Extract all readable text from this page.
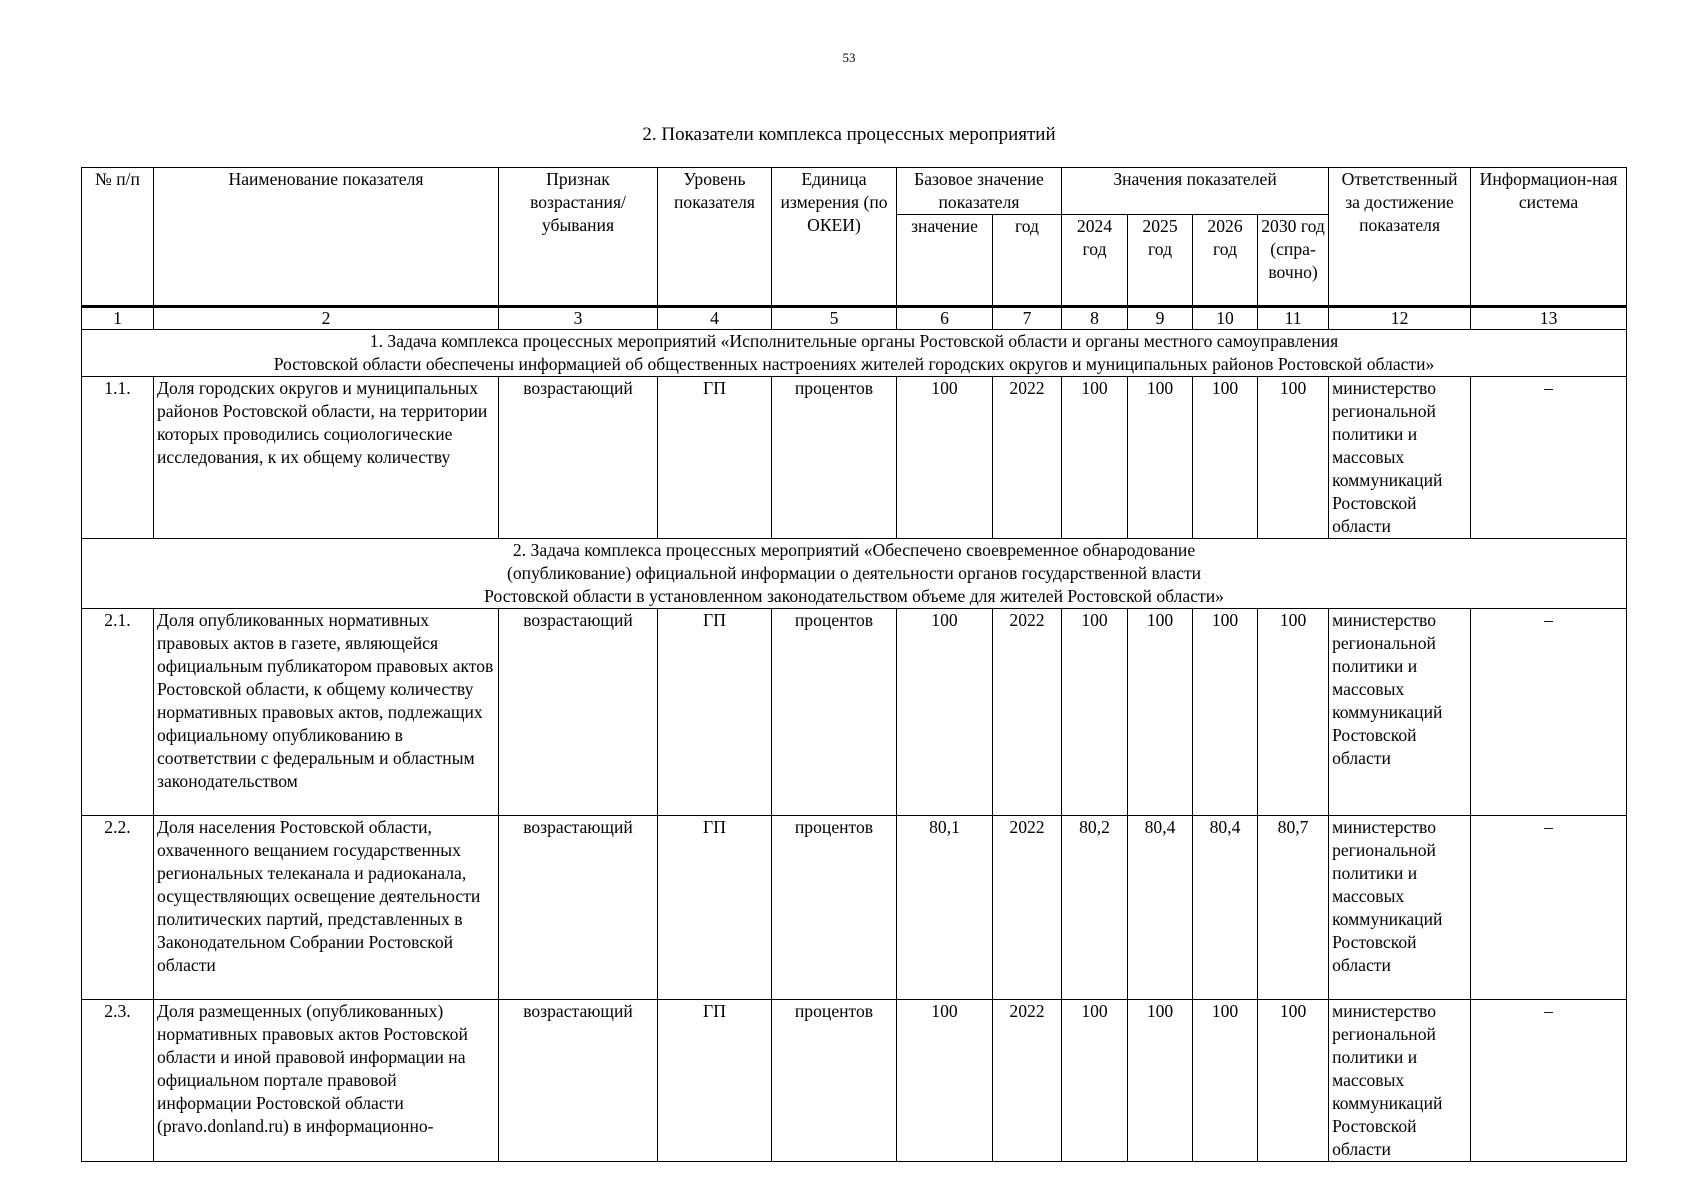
53
2. Показатели комплекса процессных мероприятий
№ п/п	Наименование показателя	Признак возрастания/ убывания	Уровень показателя	Единица измерения (по ОКЕИ)	Базовое значение показателя		Значения показателей				Ответственный за достижение показателя	Информацион-ная система
					значение	год	2024 год	2025 год	2026 год	2030 год (спра-вочно)		

1	2	3	4	5	6	7	8	9	10	11	12	13

1. Задача комплекса процессных мероприятий «Исполнительные органы Ростовской области и органы местного самоуправления
Ростовской области обеспечены информацией об общественных настроениях жителей городских округов и муниципальных районов Ростовской области»												

1.1.	Доля городских округов и муниципальных районов Ростовской области, на территории которых проводились социологические исследования, к их общему количеству	возрастающий	ГП	процентов	100	2022	100	100	100	100	министерство региональной политики и массовых коммуникаций Ростовской области	–

2. Задача комплекса процессных мероприятий «Обеспечено своевременное обнародование
(опубликование) официальной информации о деятельности органов государственной власти
Ростовской области в установленном законодательством объеме для жителей Ростовской области»												

2.1.	Доля опубликованных нормативных правовых актов в газете, являющейся официальным публикатором правовых актов Ростовской области, к общему количеству нормативных правовых актов, подлежащих официальному опубликованию в соответствии с федеральным и областным законодательством	возрастающий	ГП	процентов	100	2022	100	100	100	100	министерство региональной политики и массовых коммуникаций Ростовской области	–
2.2.	Доля населения Ростовской области, охваченного вещанием государственных региональных телеканала и радиоканала, осуществляющих освещение деятельности политических партий, представленных в Законодательном Собрании Ростовской области	возрастающий	ГП	процентов	80,1	2022	80,2	80,4	80,4	80,7	министерство региональной политики и массовых коммуникаций Ростовской области	–
2.3.	Доля размещенных (опубликованных) нормативных правовых актов Ростовской области и иной правовой информации на официальном портале правовой информации Ростовской области (pravo.donland.ru) в информационно-	возрастающий	ГП	процентов	100	2022	100	100	100	100	министерство региональной политики и массовых коммуникаций Ростовской области	–
